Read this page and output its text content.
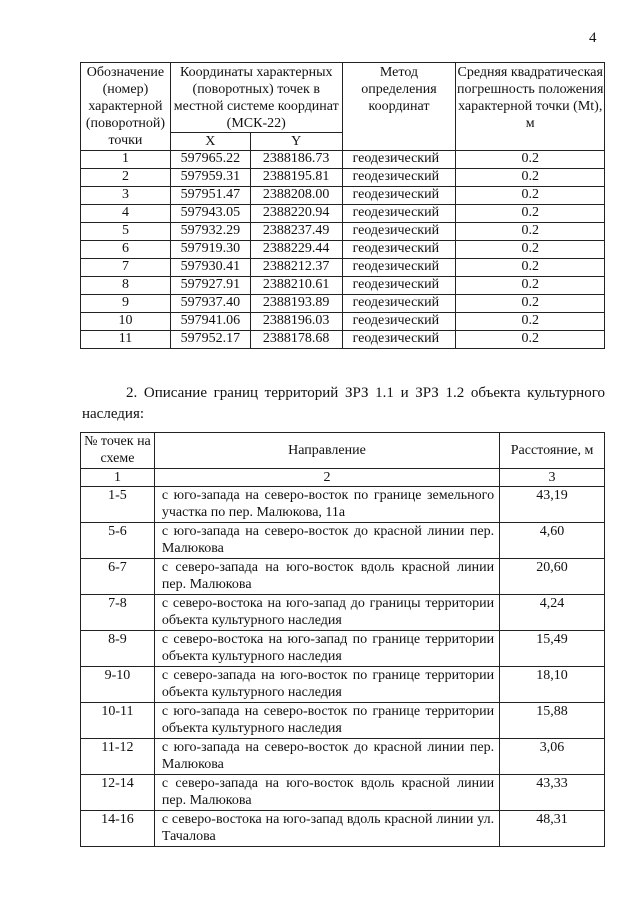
4
Обозначение (номер) характерной (поворотной) точки	Координаты характерных (поворотных) точек в местной системе координат (МСК-22)		Метод определения координат	Средняя квадратическая погрешность положения характерной точки (Mt), м
	X	Y		
1	597965.22	2388186.73	геодезический	0.2
2	597959.31	2388195.81	геодезический	0.2
3	597951.47	2388208.00	геодезический	0.2
4	597943.05	2388220.94	геодезический	0.2
5	597932.29	2388237.49	геодезический	0.2
6	597919.30	2388229.44	геодезический	0.2
7	597930.41	2388212.37	геодезический	0.2
8	597927.91	2388210.61	геодезический	0.2
9	597937.40	2388193.89	геодезический	0.2
10	597941.06	2388196.03	геодезический	0.2
11	597952.17	2388178.68	геодезический	0.2
2. Описание границ территорий ЗРЗ 1.1 и ЗРЗ 1.2 объекта культурного наследия:
№ точек на схеме	Направление	Расстояние, м
1	2	3
1-5	с юго-запада на северо-восток по границе земельного участка по пер. Малюкова, 11а	43,19
5-6	с юго-запада на северо-восток до красной линии пер. Малюкова	4,60
6-7	с северо-запада на юго-восток вдоль красной линии пер. Малюкова	20,60
7-8	с северо-востока на юго-запад до границы территории объекта культурного наследия	4,24
8-9	с северо-востока на юго-запад по границе территории объекта культурного наследия	15,49
9-10	с северо-запада на юго-восток по границе территории объекта культурного наследия	18,10
10-11	с юго-запада на северо-восток по границе территории объекта культурного наследия	15,88
11-12	с юго-запада на северо-восток до красной линии пер. Малюкова	3,06
12-14	с северо-запада на юго-восток вдоль красной линии пер. Малюкова	43,33
14-16	с северо-востока на юго-запад вдоль красной линии ул. Тачалова	48,31
